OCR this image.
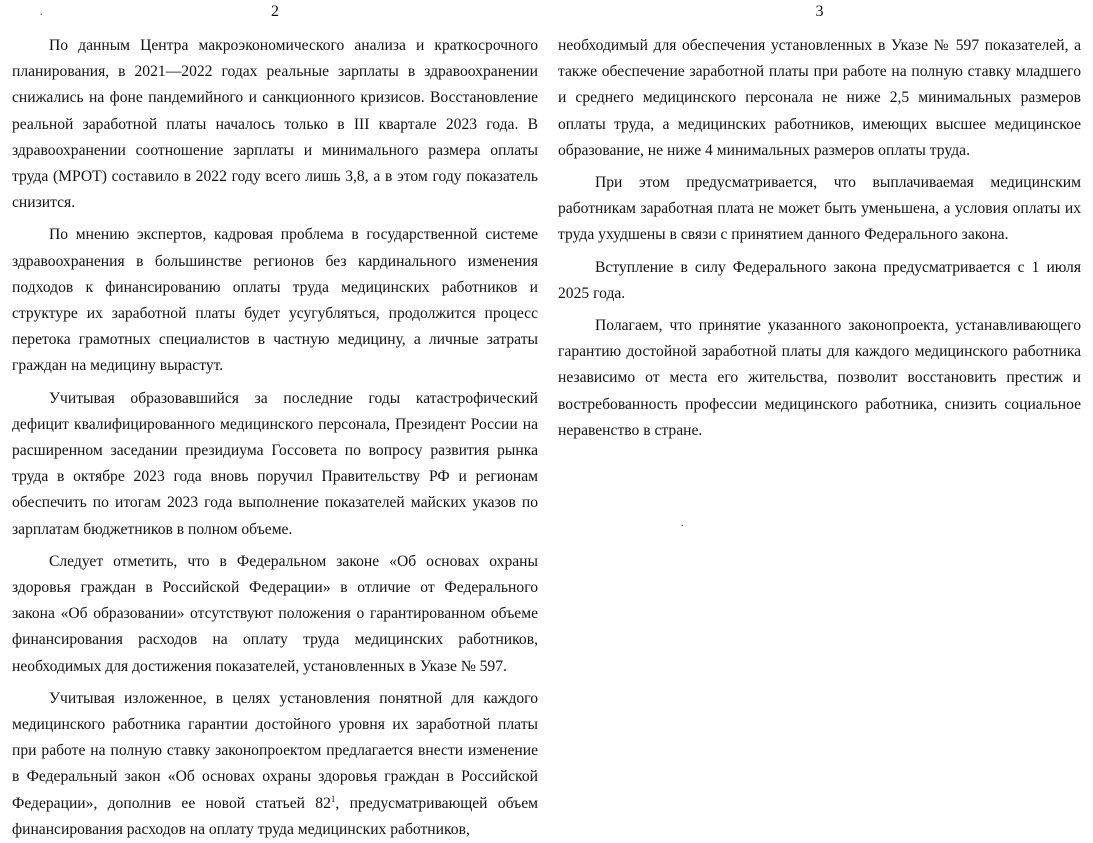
2

По данным Центра макроэкономического анализа и краткосрочного планирования, в 2021—2022 годах реальные зарплаты в здравоохранении снижались на фоне пандемийного и санкционного кризисов. Восстановление реальной заработной платы началось только в III квартале 2023 года. В здравоохранении соотношение зарплаты и минимального размера оплаты труда (МРОТ) составило в 2022 году всего лишь 3,8, а в этом году показатель снизится.

По мнению экспертов, кадровая проблема в государственной системе здравоохранения в большинстве регионов без кардинального изменения подходов к финансированию оплаты труда медицинских работников и структуре их заработной платы будет усугубляться, продолжится процесс перетока грамотных специалистов в частную медицину, а личные затраты граждан на медицину вырастут.

Учитывая образовавшийся за последние годы катастрофический дефицит квалифицированного медицинского персонала, Президент России на расширенном заседании президиума Госсовета по вопросу развития рынка труда в октябре 2023 года вновь поручил Правительству РФ и регионам обеспечить по итогам 2023 года выполнение показателей майских указов по зарплатам бюджетников в полном объеме.

Следует отметить, что в Федеральном законе «Об основах охраны здоровья граждан в Российской Федерации» в отличие от Федерального закона «Об образовании» отсутствуют положения о гарантированном объеме финансирования расходов на оплату труда медицинских работников, необходимых для достижения показателей, установленных в Указе № 597.

Учитывая изложенное, в целях установления понятной для каждого медицинского работника гарантии достойного уровня их заработной платы при работе на полную ставку законопроектом предлагается внести изменение в Федеральный закон «Об основах охраны здоровья граждан в Российской Федерации», дополнив ее новой статьей $82^1$, предусматривающей объем финансирования расходов на оплату труда медицинских работников,

3

необходимый для обеспечения установленных в Указе № 597 показателей, а также обеспечение заработной платы при работе на полную ставку младшего и среднего медицинского персонала не ниже 2,5 минимальных размеров оплаты труда, а медицинских работников, имеющих высшее медицинское образование, не ниже 4 минимальных размеров оплаты труда.

При этом предусматривается, что выплачиваемая медицинским работникам заработная плата не может быть уменьшена, а условия оплаты их труда ухудшены в связи с принятием данного Федерального закона.

Вступление в силу Федерального закона предусматривается с 1 июля 2025 года.

Полагаем, что принятие указанного законопроекта, устанавливающего гарантию достойной заработной платы для каждого медицинского работника независимо от места его жительства, позволит восстановить престиж и востребованность профессии медицинского работника, снизить социальное неравенство в стране.

.
.
